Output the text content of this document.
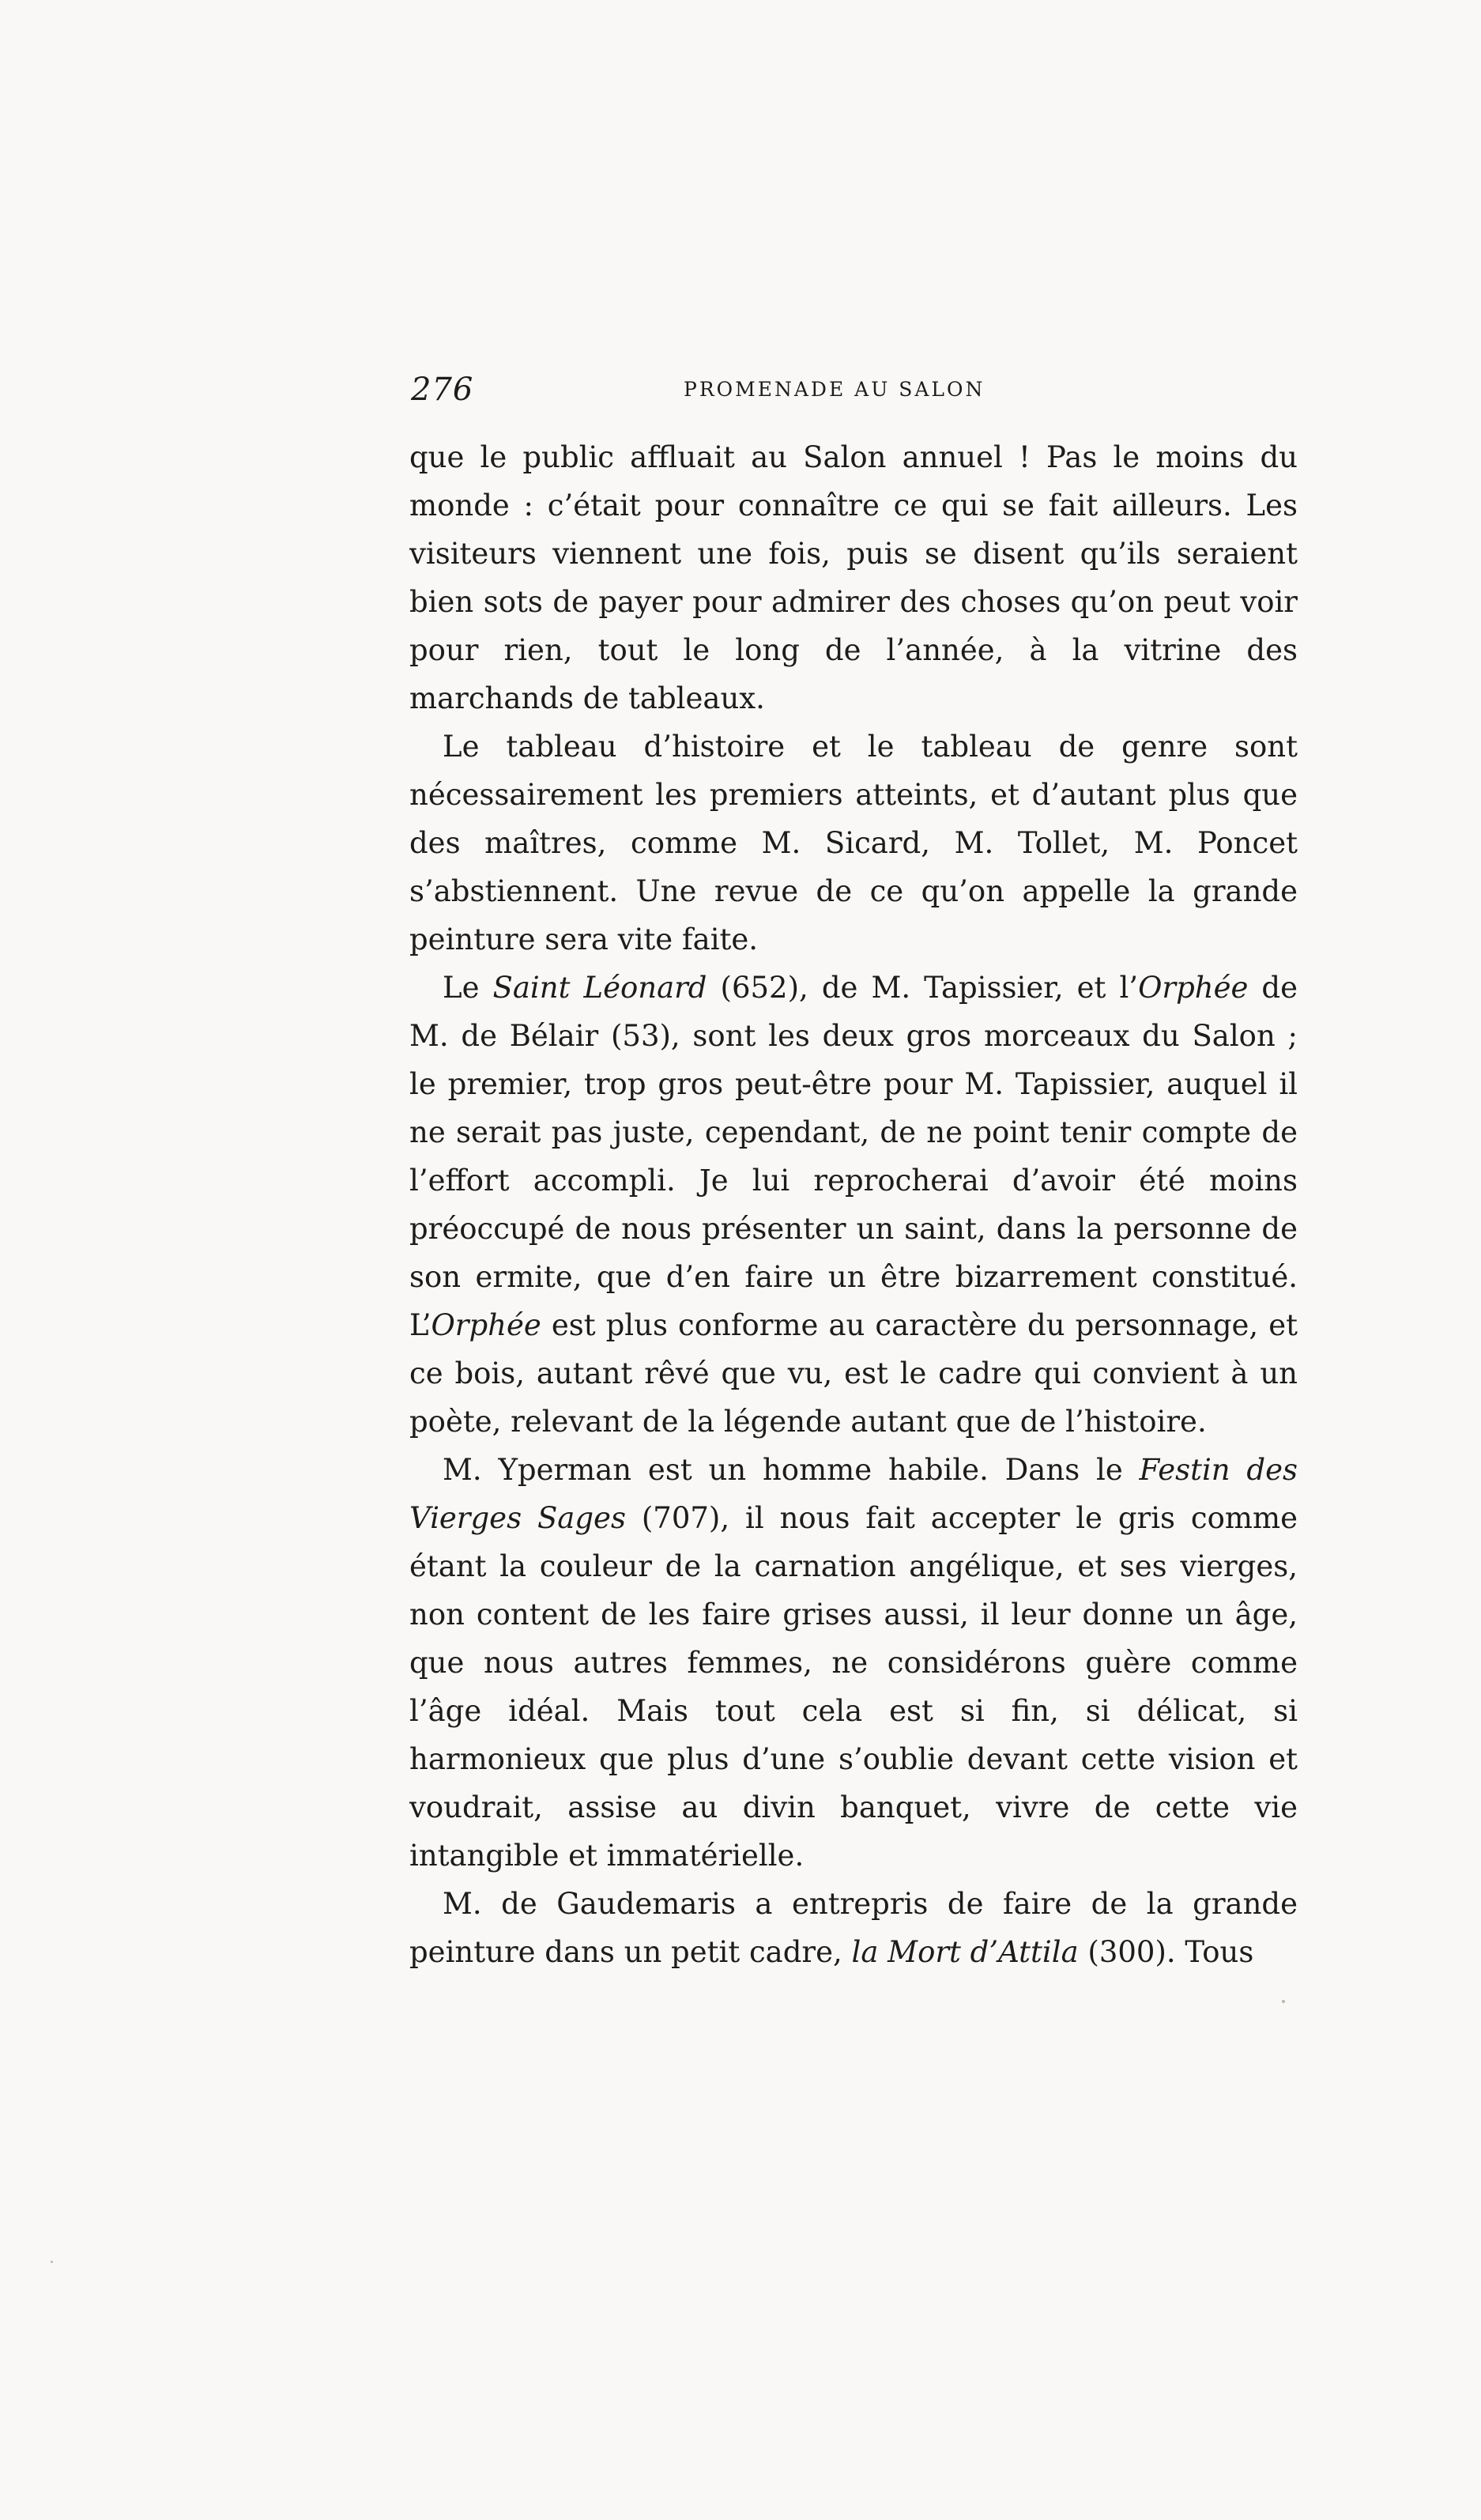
276	PROMENADE AU SALON

que le public affluait au Salon annuel ! Pas le moins du monde : c’était pour connaître ce qui se fait ailleurs. Les visiteurs viennent une fois, puis se disent qu’ils seraient bien sots de payer pour admirer des choses qu’on peut voir pour rien, tout le long de l’année, à la vitrine des marchands de tableaux.

Le tableau d’histoire et le tableau de genre sont nécessairement les premiers atteints, et d’autant plus que des maîtres, comme M. Sicard, M. Tollet, M. Poncet s’abstiennent. Une revue de ce qu’on appelle la grande peinture sera vite faite.

Le Saint Léonard (652), de M. Tapissier, et l’Orphée de M. de Bélair (53), sont les deux gros morceaux du Salon ; le premier, trop gros peut-être pour M. Tapissier, auquel il ne serait pas juste, cependant, de ne point tenir compte de l’effort accompli. Je lui reprocherai d’avoir été moins préoccupé de nous présenter un saint, dans la personne de son ermite, que d’en faire un être bizarrement constitué. L’Orphée est plus conforme au caractère du personnage, et ce bois, autant rêvé que vu, est le cadre qui convient à un poète, relevant de la légende autant que de l’histoire.

M. Yperman est un homme habile. Dans le Festin des Vierges Sages (707), il nous fait accepter le gris comme étant la couleur de la carnation angélique, et ses vierges, non content de les faire grises aussi, il leur donne un âge, que nous autres femmes, ne considérons guère comme l’âge idéal. Mais tout cela est si fin, si délicat, si harmonieux que plus d’une s’oublie devant cette vision et voudrait, assise au divin banquet, vivre de cette vie intangible et immatérielle.

M. de Gaudemaris a entrepris de faire de la grande peinture dans un petit cadre, la Mort d’Attila (300). Tous
